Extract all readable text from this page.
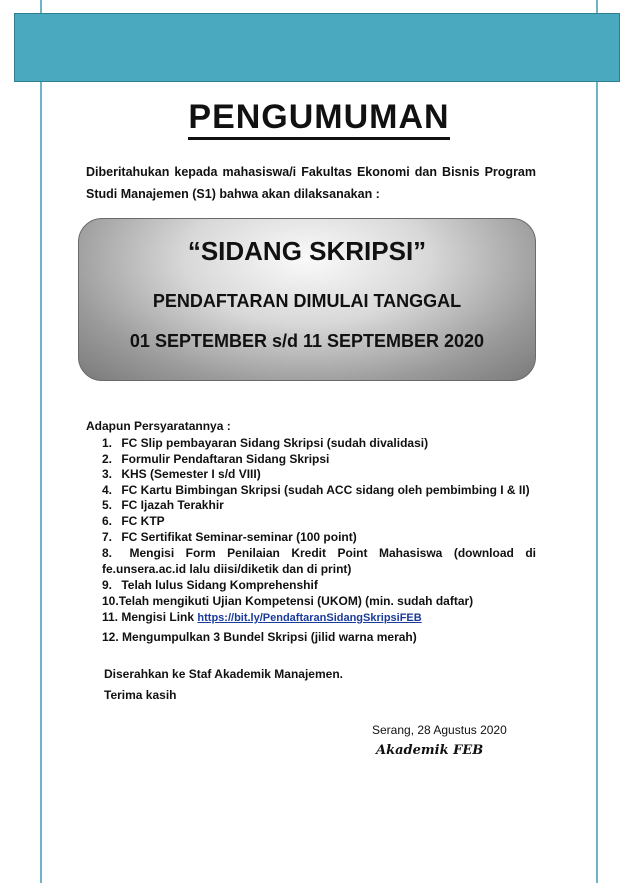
PENGUMUMAN
Diberitahukan kepada mahasiswa/i Fakultas Ekonomi dan Bisnis Program Studi Manajemen (S1) bahwa akan dilaksanakan :
“SIDANG SKRIPSI”
PENDAFTARAN DIMULAI TANGGAL
01 SEPTEMBER s/d 11 SEPTEMBER 2020
Adapun Persyaratannya :
1. FC Slip pembayaran Sidang Skripsi (sudah divalidasi)
2. Formulir Pendaftaran Sidang Skripsi
3. KHS (Semester I s/d VIII)
4. FC Kartu Bimbingan Skripsi (sudah ACC sidang oleh pembimbing I & II)
5. FC Ijazah Terakhir
6. FC KTP
7. FC Sertifikat Seminar-seminar (100 point)
8. Mengisi Form Penilaian Kredit Point Mahasiswa (download di fe.unsera.ac.id lalu diisi/diketik dan di print)
9. Telah lulus Sidang Komprehenshif
10.Telah mengikuti Ujian Kompetensi (UKOM) (min. sudah daftar)
11. Mengisi Link https://bit.ly/PendaftaranSidangSkripsiFEB
12. Mengumpulkan 3 Bundel Skripsi (jilid warna merah)
Diserahkan ke Staf Akademik Manajemen.
Terima kasih
Serang, 28 Agustus 2020
Akademik FEB
